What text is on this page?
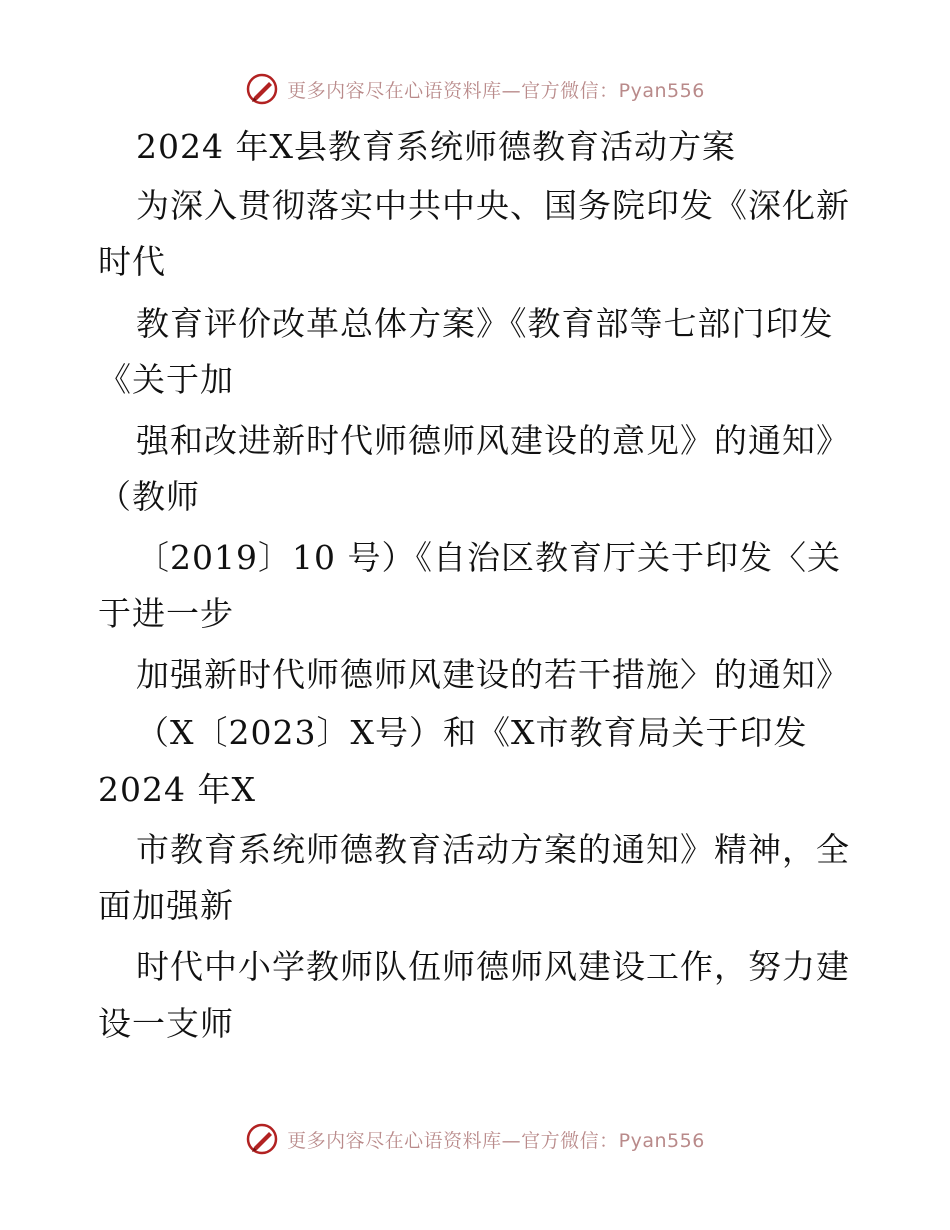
更多内容尽在心语资料库—官方微信：Pyan556
2024 年X县教育系统师德教育活动方案
为深入贯彻落实中共中央、国务院印发《深化新
时代
教育评价改革总体方案》《教育部等七部门印发
《关于加
强和改进新时代师德师风建设的意见》的通知》
（教师
〔2019〕10 号）《自治区教育厅关于印发〈关
于进一步
加强新时代师德师风建设的若干措施〉的通知》
（X〔2023〕X号）和《X市教育局关于印发
2024 年X
市教育系统师德教育活动方案的通知》精神，全
面加强新
时代中小学教师队伍师德师风建设工作，努力建
设一支师
更多内容尽在心语资料库—官方微信：Pyan556
